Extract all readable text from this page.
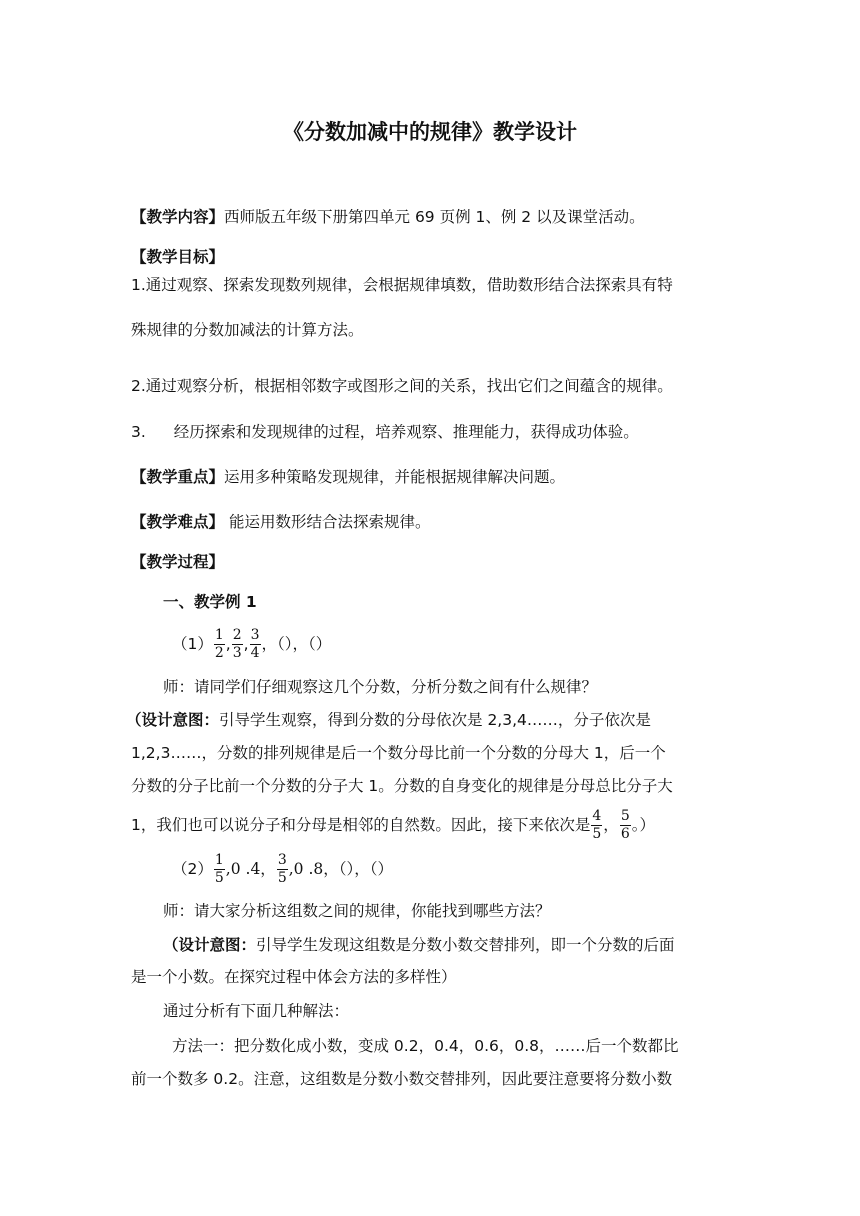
《分数加减中的规律》教学设计
【教学内容】西师版五年级下册第四单元 69 页例 1、例 2 以及课堂活动。
【教学目标】
1.通过观察、探索发现数列规律，会根据规律填数，借助数形结合法探索具有特
殊规律的分数加减法的计算方法。
2.通过观察分析，根据相邻数字或图形之间的关系，找出它们之间蕴含的规律。
3. 经历探索和发现规律的过程，培养观察、推理能力，获得成功体验。
【教学重点】运用多种策略发现规律，并能根据规律解决问题。
【教学难点】 能运用数形结合法探索规律。
【教学过程】
一、教学例 1
$(1) \frac{1}{2}$ , $\frac{2}{3}$ , $\frac{3}{4}$ ，（），（）
师：请同学们仔细观察这几个分数，分析分数之间有什么规律？
（设计意图：引导学生观察，得到分数的分母依次是 2,3,4……，分子依次是
1,2,3……，分数的排列规律是后一个数分母比前一个分数的分母大 1，后一个
分数的分子比前一个分数的分子大 1。分数的自身变化的规律是分母总比分子大
1，我们也可以说分子和分母是相邻的自然数。因此，接下来依次是 $\frac{4}{5}$ ， $\frac{5}{6}$ 。）
$(2) \frac{1}{5} ,0$ .4， $\frac{3}{5} ,0$ .8，（），（）
师：请大家分析这组数之间的规律，你能找到哪些方法？
（设计意图：引导学生发现这组数是分数小数交替排列，即一个分数的后面
是一个小数。在探究过程中体会方法的多样性）
通过分析有下面几种解法：
方法一：把分数化成小数，变成 0.2，0.4，0.6，0.8，……后一个数都比
前一个数多 0.2。注意，这组数是分数小数交替排列，因此要注意要将分数小数
